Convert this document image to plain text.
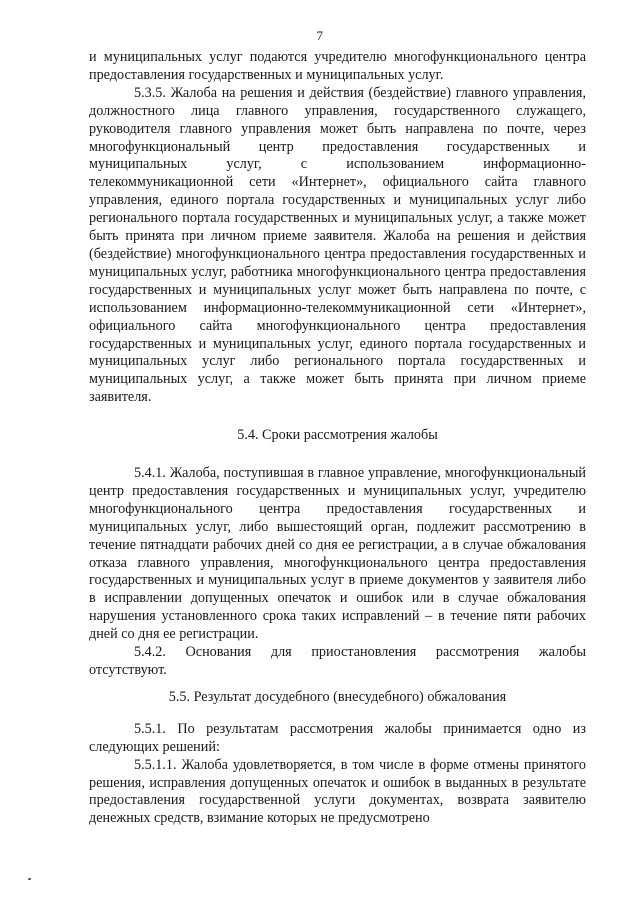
7

и муниципальных услуг подаются учредителю многофункционального центра предоставления государственных и муниципальных услуг.

5.3.5. Жалоба на решения и действия (бездействие) главного управления, должностного лица главного управления, государственного служащего, руководителя главного управления может быть направлена по почте, через многофункциональный центр предоставления государственных и муниципальных услуг, с использованием информационно-телекоммуникационной сети «Интернет», официального сайта главного управления, единого портала государственных и муниципальных услуг либо регионального портала государственных и муниципальных услуг, а также может быть принята при личном приеме заявителя. Жалоба на решения и действия (бездействие) многофункционального центра предоставления государственных и муниципальных услуг, работника многофункционального центра предоставления государственных и муниципальных услуг может быть направлена по почте, с использованием информационно-телекоммуникационной сети «Интернет», официального сайта многофункционального центра предоставления государственных и муниципальных услуг, единого портала государственных и муниципальных услуг либо регионального портала государственных и муниципальных услуг, а также может быть принята при личном приеме заявителя.

5.4. Сроки рассмотрения жалобы

5.4.1. Жалоба, поступившая в главное управление, многофункциональный центр предоставления государственных и муниципальных услуг, учредителю многофункционального центра предоставления государственных и муниципальных услуг, либо вышестоящий орган, подлежит рассмотрению в течение пятнадцати рабочих дней со дня ее регистрации, а в случае обжалования отказа главного управления, многофункционального центра предоставления государственных и муниципальных услуг в приеме документов у заявителя либо в исправлении допущенных опечаток и ошибок или в случае обжалования нарушения установленного срока таких исправлений – в течение пяти рабочих дней со дня ее регистрации.

5.4.2. Основания для приостановления рассмотрения жалобы отсутствуют.

5.5. Результат досудебного (внесудебного) обжалования

5.5.1. По результатам рассмотрения жалобы принимается одно из следующих решений:

5.5.1.1. Жалоба удовлетворяется, в том числе в форме отмены принятого решения, исправления допущенных опечаток и ошибок в выданных в результате предоставления государственной услуги документах, возврата заявителю денежных средств, взимание которых не предусмотрено
